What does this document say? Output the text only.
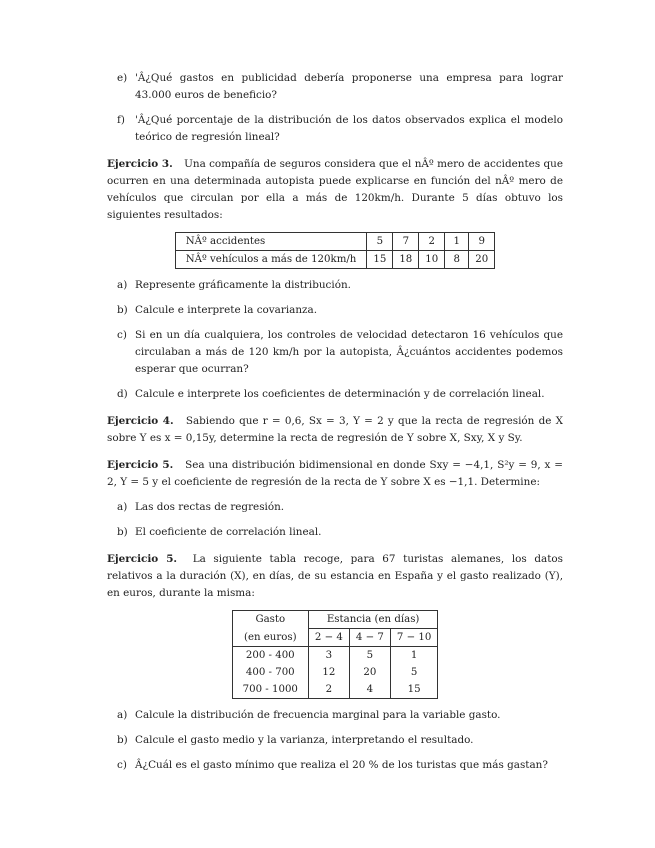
e) 'Â¿Qué gastos en publicidad debería proponerse una empresa para lograr 43.000 euros de beneficio?
f) 'Â¿Qué porcentaje de la distribución de los datos observados explica el modelo teórico de regresión lineal?
Ejercicio 3. Una compañía de seguros considera que el nÂº mero de accidentes que ocurren en una determinada autopista puede explicarse en función del nÂº mero de vehículos que circulan por ella a más de 120km/h. Durante 5 días obtuvo los siguientes resultados:
NÂº accidentes	5	7	2	1	9
NÂº vehículos a más de 120km/h	15	18	10	8	20
a) Represente gráficamente la distribución.
b) Calcule e interprete la covarianza.
c) Si en un día cualquiera, los controles de velocidad detectaron 16 vehículos que circulaban a más de 120 km/h por la autopista, Â¿cuántos accidentes podemos esperar que ocurran?
d) Calcule e interprete los coeficientes de determinación y de correlación lineal.
Ejercicio 4. Sabiendo que r = 0,6, Sx = 3, Y = 2 y que la recta de regresión de X sobre Y es x = 0,15y, determine la recta de regresión de Y sobre X, Sxy, X y Sy.
Ejercicio 5. Sea una distribución bidimensional en donde Sxy = −4,1, S²y = 9, x = 2, Y = 5 y el coeficiente de regresión de la recta de Y sobre X es −1,1. Determine:
a) Las dos rectas de regresión.
b) El coeficiente de correlación lineal.
Ejercicio 5. La siguiente tabla recoge, para 67 turistas alemanes, los datos relativos a la duración (X), en días, de su estancia en España y el gasto realizado (Y), en euros, durante la misma:
Gasto	Estancia (en días)		
(en euros)	2 − 4	4 − 7	7 − 10
200 - 400	3	5	1
400 - 700	12	20	5
700 - 1000	2	4	15
a) Calcule la distribución de frecuencia marginal para la variable gasto.
b) Calcule el gasto medio y la varianza, interpretando el resultado.
c) Â¿Cuál es el gasto mínimo que realiza el 20 % de los turistas que más gastan?
